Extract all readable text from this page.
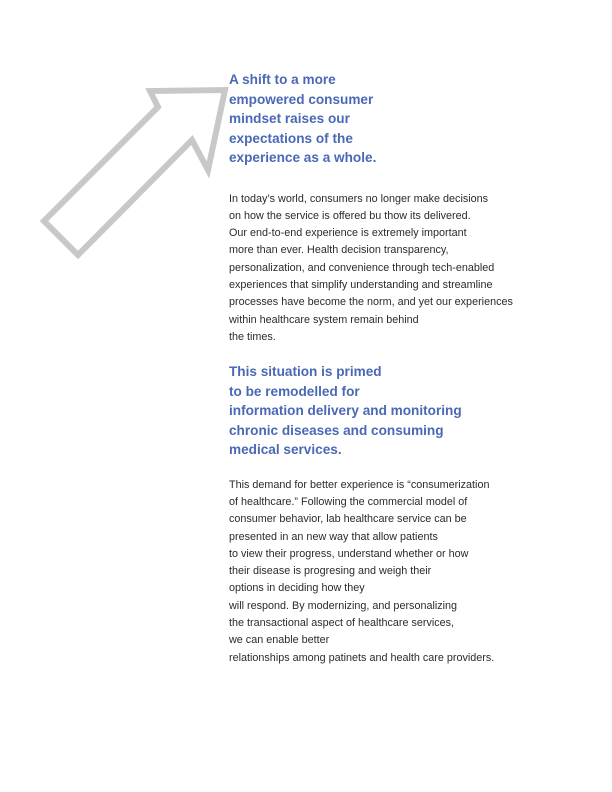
A shift to a more
empowered consumer
mindset raises our
expectations of the
experience as a whole.

In today’s world, consumers no longer make decisions
on how the service is offered bu thow its delivered.
Our end-to-end experience is extremely important
more than ever. Health decision transparency,
personalization, and convenience through tech-enabled
experiences that simplify understanding and streamline
processes have become the norm, and yet our experiences
within healthcare system remain behind
the times.

This situation is primed
to be remodelled for
information delivery and monitoring
chronic diseases and consuming
medical services.

This demand for better experience is “consumerization
of healthcare.” Following the commercial model of
consumer behavior, lab healthcare service can be
presented in an new way that allow patients
to view their progress, understand whether or how
their disease is progresing and weigh their
options in deciding how they
will respond. By modernizing, and personalizing
the transactional aspect of healthcare services,
we can enable better
relationships among patinets and health care providers.
